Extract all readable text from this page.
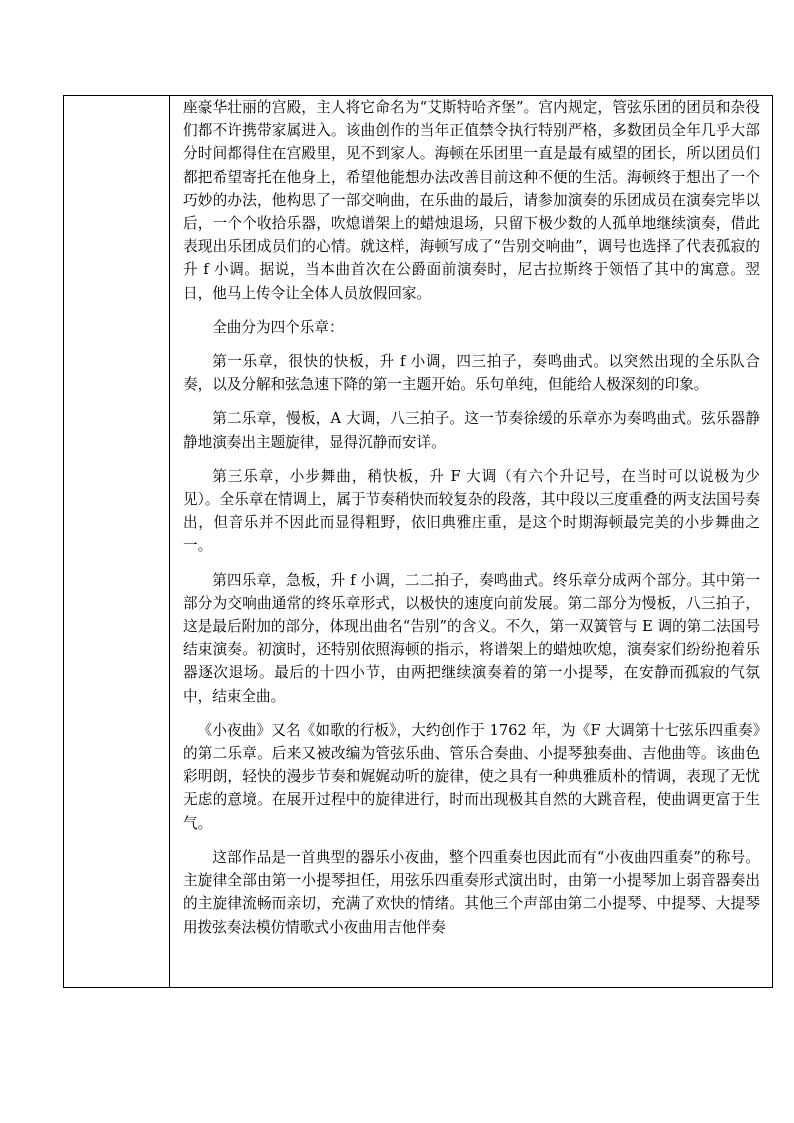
座豪华壮丽的宫殿，主人将它命名为“艾斯特哈齐堡”。宫内规定，管弦乐团的团员和杂役们都不许携带家属进入。该曲创作的当年正值禁令执行特别严格，多数团员全年几乎大部分时间都得住在宫殿里，见不到家人。海顿在乐团里一直是最有威望的团长，所以团员们都把希望寄托在他身上，希望他能想办法改善目前这种不便的生活。海顿终于想出了一个巧妙的办法，他构思了一部交响曲，在乐曲的最后，请参加演奏的乐团成员在演奏完毕以后，一个个收拾乐器，吹熄谱架上的蜡烛退场，只留下极少数的人孤单地继续演奏，借此表现出乐团成员们的心情。就这样，海顿写成了“告别交响曲”，调号也选择了代表孤寂的升 f 小调。据说，当本曲首次在公爵面前演奏时，尼古拉斯终于领悟了其中的寓意。翌日，他马上传令让全体人员放假回家。

全曲分为四个乐章：

第一乐章，很快的快板，升 f 小调，四三拍子，奏鸣曲式。以突然出现的全乐队合奏，以及分解和弦急速下降的第一主题开始。乐句单纯，但能给人极深刻的印象。

第二乐章，慢板，A 大调，八三拍子。这一节奏徐缓的乐章亦为奏鸣曲式。弦乐器静静地演奏出主题旋律，显得沉静而安详。

第三乐章，小步舞曲，稍快板，升 F 大调（有六个升记号，在当时可以说极为少见）。全乐章在情调上，属于节奏稍快而较复杂的段落，其中段以三度重叠的两支法国号奏出，但音乐并不因此而显得粗野，依旧典雅庄重，是这个时期海顿最完美的小步舞曲之一。

第四乐章，急板，升 f 小调，二二拍子，奏鸣曲式。终乐章分成两个部分。其中第一部分为交响曲通常的终乐章形式，以极快的速度向前发展。第二部分为慢板，八三拍子，这是最后附加的部分，体现出曲名“告别”的含义。不久，第一双簧管与 E 调的第二法国号结束演奏。初演时，还特别依照海顿的指示，将谱架上的蜡烛吹熄，演奏家们纷纷抱着乐器逐次退场。最后的十四小节，由两把继续演奏着的第一小提琴，在安静而孤寂的气氛中，结束全曲。

《小夜曲》又名《如歌的行板》，大约创作于 1762 年，为《F 大调第十七弦乐四重奏》的第二乐章。后来又被改编为管弦乐曲、管乐合奏曲、小提琴独奏曲、吉他曲等。该曲色彩明朗，轻快的漫步节奏和娓娓动听的旋律，使之具有一种典雅质朴的情调，表现了无忧无虑的意境。在展开过程中的旋律进行，时而出现极其自然的大跳音程，使曲调更富于生气。

这部作品是一首典型的器乐小夜曲，整个四重奏也因此而有“小夜曲四重奏”的称号。主旋律全部由第一小提琴担任，用弦乐四重奏形式演出时，由第一小提琴加上弱音器奏出的主旋律流畅而亲切，充满了欢快的情绪。其他三个声部由第二小提琴、中提琴、大提琴用拨弦奏法模仿情歌式小夜曲用吉他伴奏
